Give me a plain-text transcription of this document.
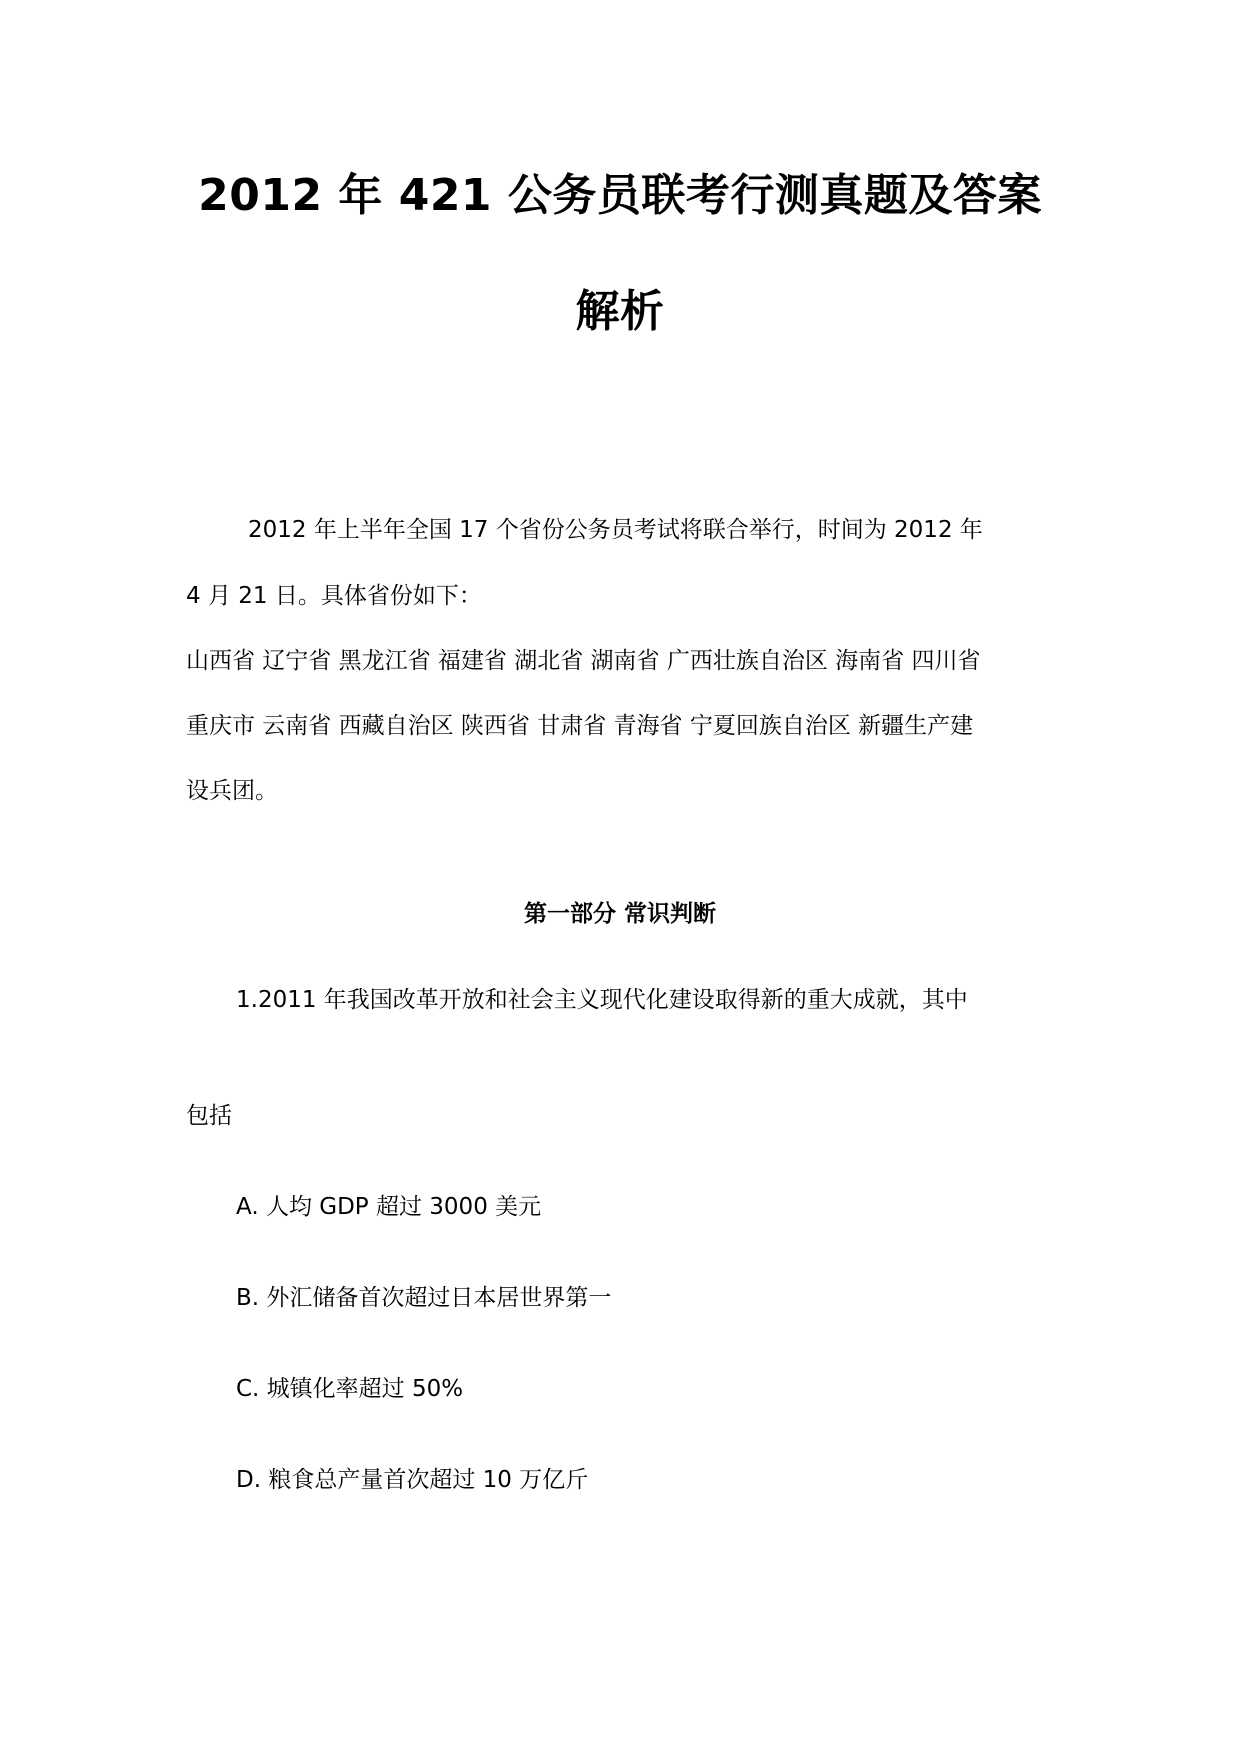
2012 年 421 公务员联考行测真题及答案
解析
2012 年上半年全国 17 个省份公务员考试将联合举行，时间为 2012 年
4 月 21 日。具体省份如下：
山西省 辽宁省 黑龙江省 福建省 湖北省 湖南省 广西壮族自治区 海南省 四川省
重庆市 云南省 西藏自治区 陕西省 甘肃省 青海省 宁夏回族自治区 新疆生产建
设兵团。
第一部分 常识判断
1.2011 年我国改革开放和社会主义现代化建设取得新的重大成就，其中
包括
A. 人均 GDP 超过 3000 美元
B. 外汇储备首次超过日本居世界第一
C. 城镇化率超过 50%
D. 粮食总产量首次超过 10 万亿斤
